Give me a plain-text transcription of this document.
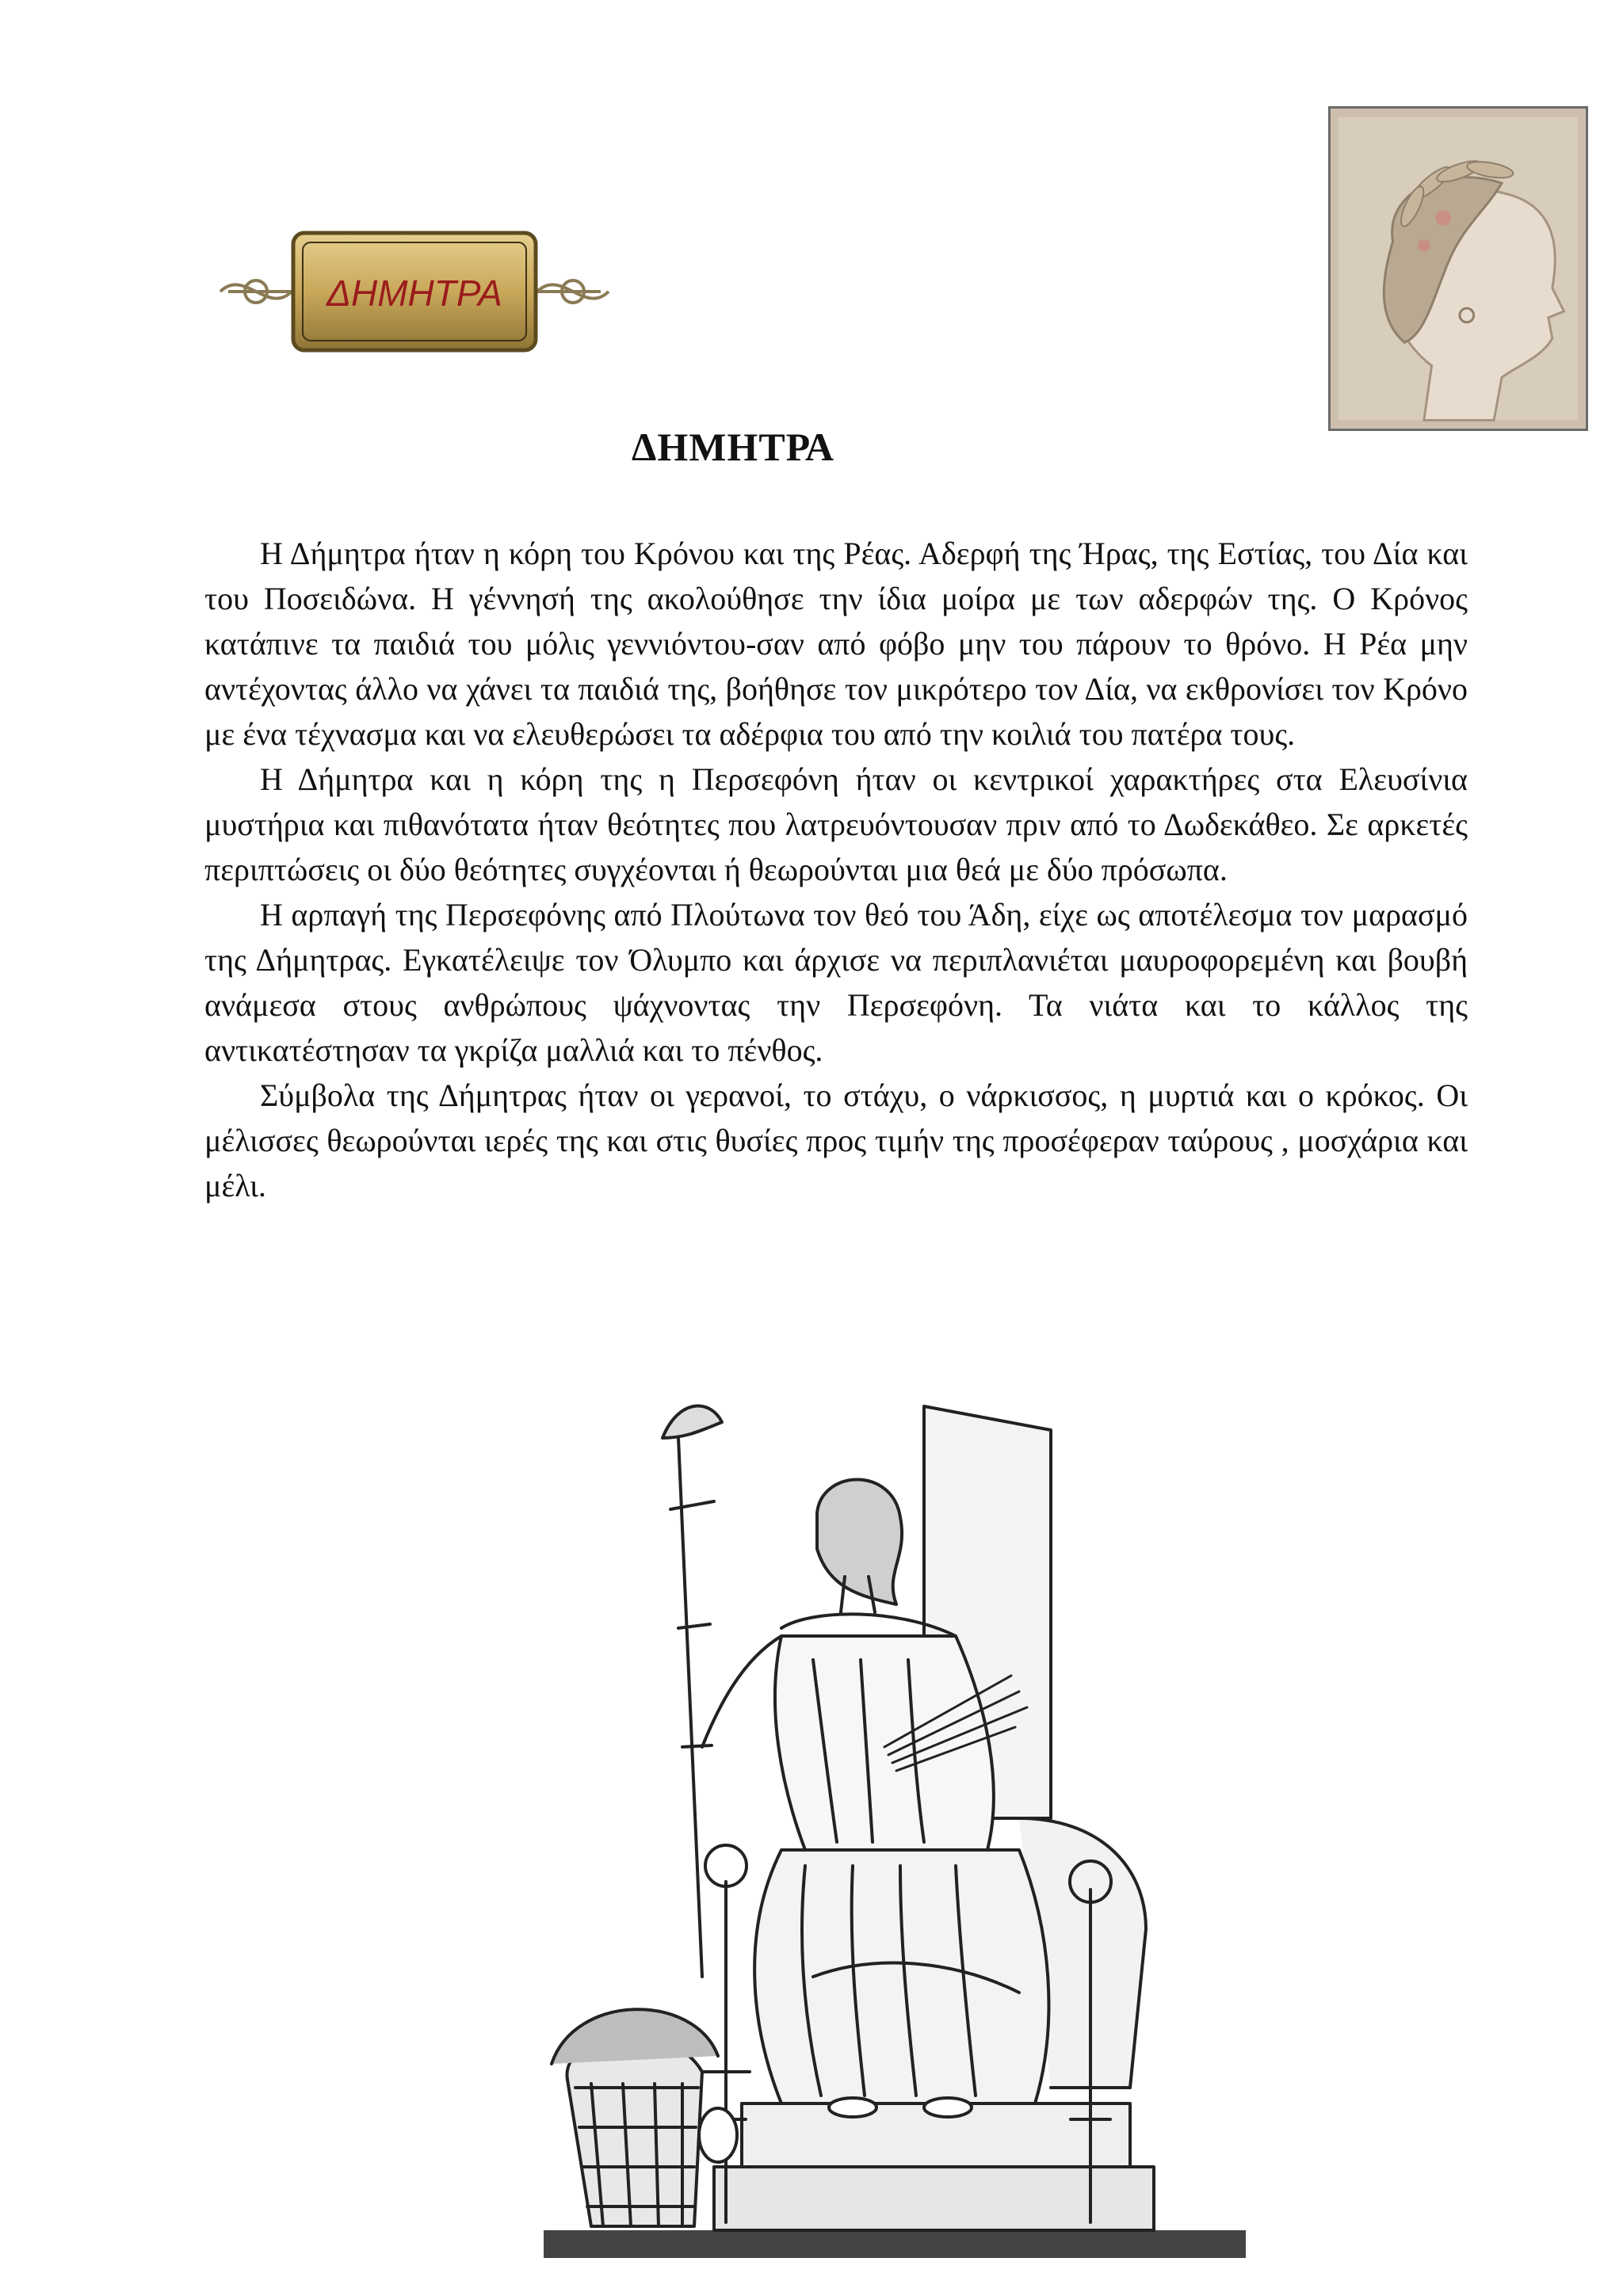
ΔΗΜΗΤΡΑ
ΔΗΜΗΤΡΑ

Η Δήμητρα ήταν η κόρη του Κρόνου και της Ρέας. Αδερφή της Ήρας, της Εστίας, του Δία και του Ποσειδώνα. Η γέννησή της ακολούθησε την ίδια μοίρα με των αδερφών της. Ο Κρόνος κατάπινε τα παιδιά του μόλις γεννιόντου-σαν από φόβο μην του πάρουν το θρόνο. Η Ρέα μην αντέχοντας άλλο να χάνει τα παιδιά της, βοήθησε τον μικρότερο τον Δία, να εκθρονίσει τον Κρόνο με ένα τέχνασμα και να ελευθερώσει τα αδέρφια του από την κοιλιά του πατέρα τους.

Η Δήμητρα και η κόρη της η Περσεφόνη ήταν οι κεντρικοί χαρακτήρες στα Ελευσίνια μυστήρια και πιθανότατα ήταν θεότητες που λατρευόντουσαν πριν από το Δωδεκάθεο. Σε αρκετές περιπτώσεις οι δύο θεότητες συγχέονται ή θεωρούνται μια θεά με δύο πρόσωπα.

Η αρπαγή της Περσεφόνης από Πλούτωνα τον θεό του Άδη, είχε ως αποτέλεσμα τον μαρασμό της Δήμητρας. Εγκατέλειψε τον Όλυμπο και άρχισε να περιπλανιέται μαυροφορεμένη και βουβή ανάμεσα στους ανθρώπους ψάχνοντας την Περσεφόνη. Τα νιάτα και το κάλλος της αντικατέστησαν τα γκρίζα μαλλιά και το πένθος.

Σύμβολα της Δήμητρας ήταν οι γερανοί, το στάχυ, ο νάρκισσος, η μυρτιά και ο κρόκος. Οι μέλισσες θεωρούνται ιερές της και στις θυσίες προς τιμήν της προσέφεραν ταύρους , μοσχάρια και μέλι.
